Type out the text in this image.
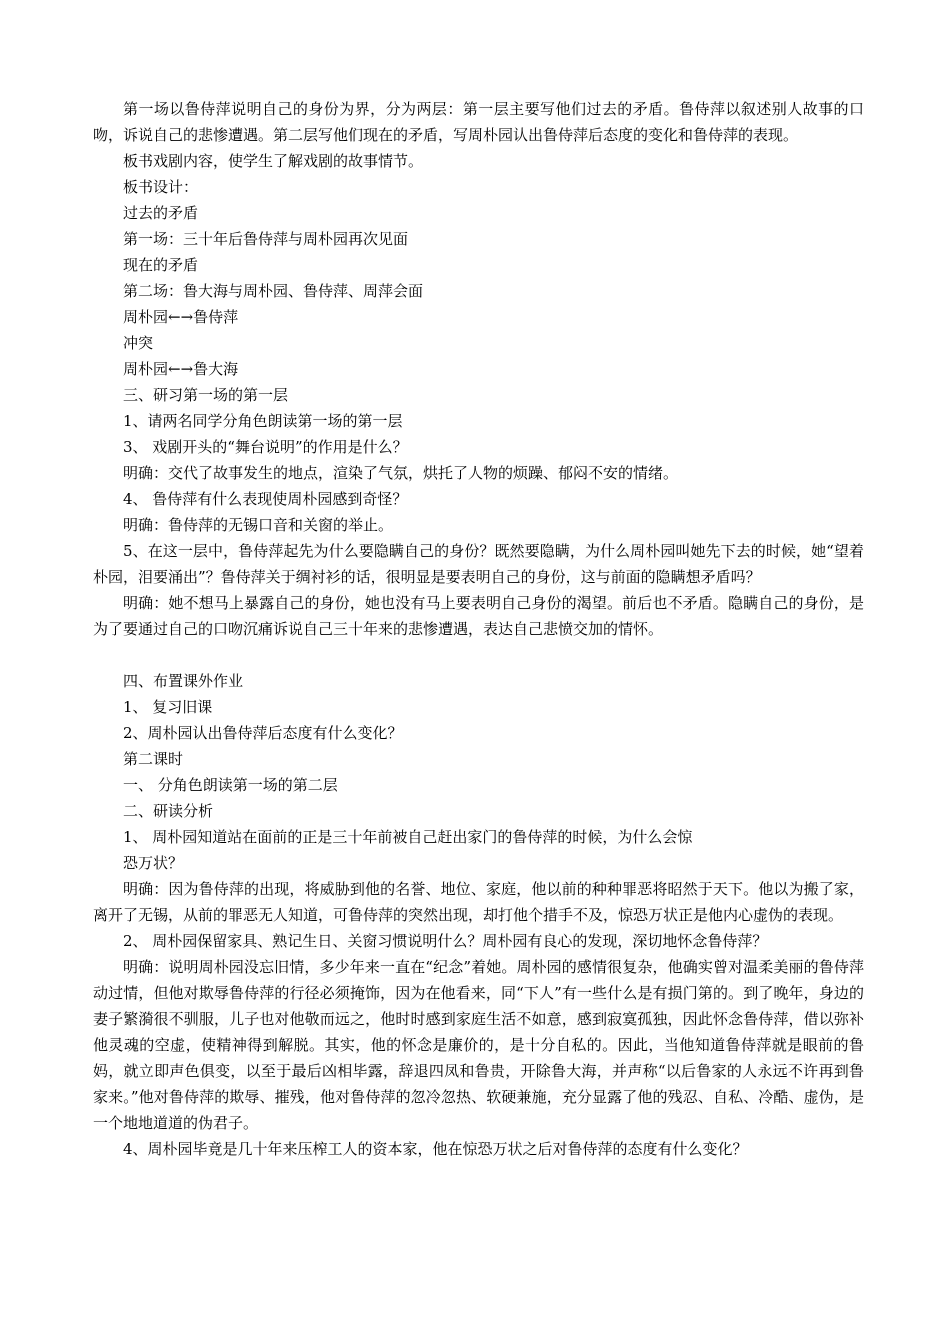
第一场以鲁侍萍说明自己的身份为界，分为两层：第一层主要写他们过去的矛盾。鲁侍萍以叙述别人故事的口吻，诉说自己的悲惨遭遇。第二层写他们现在的矛盾，写周朴园认出鲁侍萍后态度的变化和鲁侍萍的表现。

板书戏剧内容，使学生了解戏剧的故事情节。

板书设计：

过去的矛盾

第一场：三十年后鲁侍萍与周朴园再次见面

现在的矛盾

第二场：鲁大海与周朴园、鲁侍萍、周萍会面

周朴园←→鲁侍萍

冲突

周朴园←→鲁大海

三、研习第一场的第一层

1、请两名同学分角色朗读第一场的第一层

3、 戏剧开头的“舞台说明”的作用是什么？

明确：交代了故事发生的地点，渲染了气氛，烘托了人物的烦躁、郁闷不安的情绪。

4、 鲁侍萍有什么表现使周朴园感到奇怪？

明确：鲁侍萍的无锡口音和关窗的举止。

5、在这一层中，鲁侍萍起先为什么要隐瞒自己的身份？既然要隐瞒，为什么周朴园叫她先下去的时候，她“望着朴园，泪要涌出”？鲁侍萍关于绸衬衫的话，很明显是要表明自己的身份，这与前面的隐瞒想矛盾吗？

明确：她不想马上暴露自己的身份，她也没有马上要表明自己身份的渴望。前后也不矛盾。隐瞒自己的身份，是为了要通过自己的口吻沉痛诉说自己三十年来的悲惨遭遇，表达自己悲愤交加的情怀。

四、布置课外作业

1、 复习旧课

2、周朴园认出鲁侍萍后态度有什么变化？

第二课时

一、 分角色朗读第一场的第二层

二、研读分析

1、 周朴园知道站在面前的正是三十年前被自己赶出家门的鲁侍萍的时候，为什么会惊

恐万状？

明确：因为鲁侍萍的出现，将威胁到他的名誉、地位、家庭，他以前的种种罪恶将昭然于天下。他以为搬了家，离开了无锡，从前的罪恶无人知道，可鲁侍萍的突然出现，却打他个措手不及，惊恐万状正是他内心虚伪的表现。

2、 周朴园保留家具、熟记生日、关窗习惯说明什么？周朴园有良心的发现，深切地怀念鲁侍萍？

明确：说明周朴园没忘旧情，多少年来一直在“纪念”着她。周朴园的感情很复杂，他确实曾对温柔美丽的鲁侍萍动过情，但他对欺辱鲁侍萍的行径必须掩饰，因为在他看来，同“下人”有一些什么是有损门第的。到了晚年，身边的妻子繁漪很不驯服，儿子也对他敬而远之，他时时感到家庭生活不如意，感到寂寞孤独，因此怀念鲁侍萍，借以弥补他灵魂的空虚，使精神得到解脱。其实，他的怀念是廉价的，是十分自私的。因此，当他知道鲁侍萍就是眼前的鲁妈，就立即声色俱变，以至于最后凶相毕露，辞退四凤和鲁贵，开除鲁大海，并声称“以后鲁家的人永远不许再到鲁家来。”他对鲁侍萍的欺辱、摧残，他对鲁侍萍的忽冷忽热、软硬兼施，充分显露了他的残忍、自私、冷酷、虚伪，是一个地地道道的伪君子。

4、周朴园毕竟是几十年来压榨工人的资本家，他在惊恐万状之后对鲁侍萍的态度有什么变化？
